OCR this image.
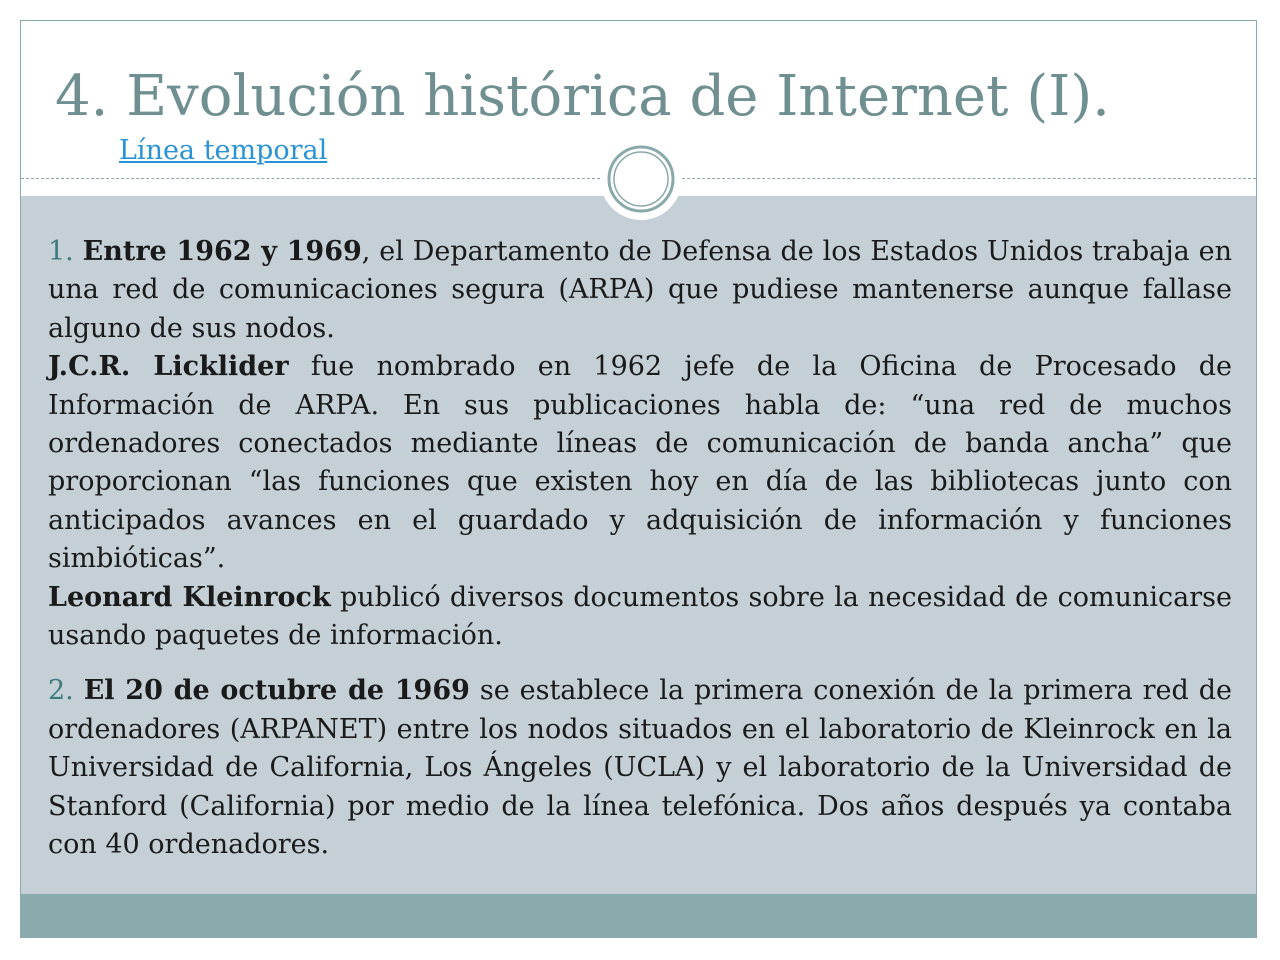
4. Evolución histórica de Internet (I).
Línea temporal

1. Entre 1962 y 1969, el Departamento de Defensa de los Estados Unidos trabaja en una red de comunicaciones segura (ARPA) que pudiese mantenerse aunque fallase alguno de sus nodos.

J.C.R. Licklider fue nombrado en 1962 jefe de la Oficina de Procesado de Información de ARPA. En sus publicaciones habla de: “una red de muchos ordenadores conectados mediante líneas de comunicación de banda ancha” que proporcionan “las funciones que existen hoy en día de las bibliotecas junto con anticipados avances en el guardado y adquisición de información y funciones simbióticas”.

Leonard Kleinrock publicó diversos documentos sobre la necesidad de comunicarse usando paquetes de información.

2. El 20 de octubre de 1969 se establece la primera conexión de la primera red de ordenadores (ARPANET) entre los nodos situados en el laboratorio de Kleinrock en la Universidad de California, Los Ángeles (UCLA) y el laboratorio de la Universidad de Stanford (California) por medio de la línea telefónica. Dos años después ya contaba con 40 ordenadores.
